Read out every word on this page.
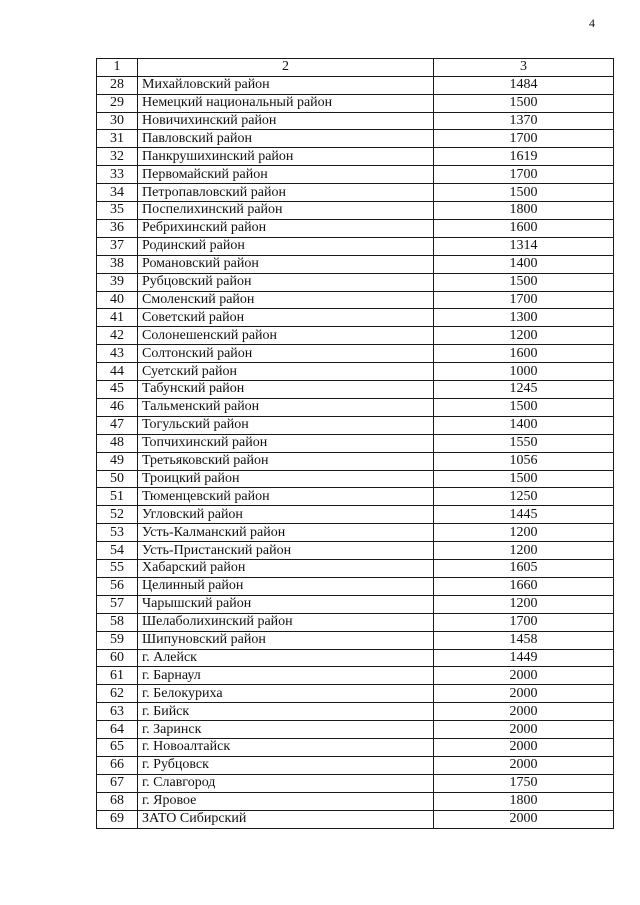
4
1	2	3
28	Михайловский район	1484
29	Немецкий национальный район	1500
30	Новичихинский район	1370
31	Павловский район	1700
32	Панкрушихинский район	1619
33	Первомайский район	1700
34	Петропавловский район	1500
35	Поспелихинский район	1800
36	Ребрихинский район	1600
37	Родинский район	1314
38	Романовский район	1400
39	Рубцовский район	1500
40	Смоленский район	1700
41	Советский район	1300
42	Солонешенский район	1200
43	Солтонский район	1600
44	Суетский район	1000
45	Табунский район	1245
46	Тальменский район	1500
47	Тогульский район	1400
48	Топчихинский район	1550
49	Третьяковский район	1056
50	Троицкий район	1500
51	Тюменцевский район	1250
52	Угловский район	1445
53	Усть-Калманский район	1200
54	Усть-Пристанский район	1200
55	Хабарский район	1605
56	Целинный район	1660
57	Чарышский район	1200
58	Шелаболихинский район	1700
59	Шипуновский район	1458
60	г. Алейск	1449
61	г. Барнаул	2000
62	г. Белокуриха	2000
63	г. Бийск	2000
64	г. Заринск	2000
65	г. Новоалтайск	2000
66	г. Рубцовск	2000
67	г. Славгород	1750
68	г. Яровое	1800
69	ЗАТО Сибирский	2000
